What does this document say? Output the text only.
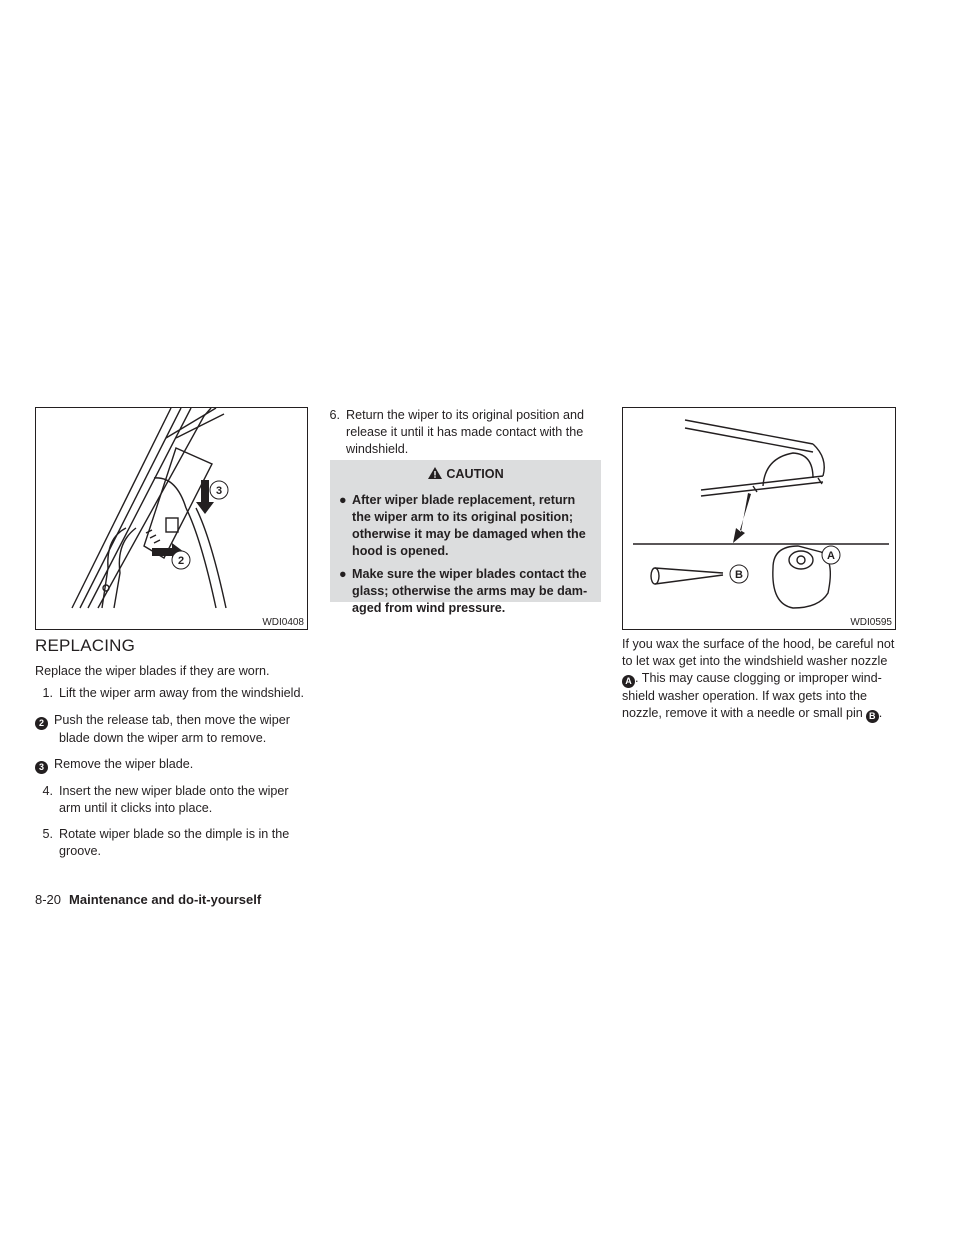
3
2
WDI0408
A
B
WDI0595
REPLACING
Replace the wiper blades if they are worn.
1. Lift the wiper arm away from the windshield.
2 Push the release tab, then move the wiper
blade down the wiper arm to remove.
3 Remove the wiper blade.
4. Insert the new wiper blade onto the wiper
arm until it clicks into place.
5. Rotate wiper blade so the dimple is in the
groove.
6. Return the wiper to its original position and
release it until it has made contact with the
windshield.
CAUTION
● After wiper blade replacement, return
the wiper arm to its original position;
otherwise it may be damaged when the
hood is opened.
● Make sure the wiper blades contact the
glass; otherwise the arms may be dam-
aged from wind pressure.
If you wax the surface of the hood, be careful not
to let wax get into the windshield washer nozzle
A . This may cause clogging or improper wind-
shield washer operation. If wax gets into the
nozzle, remove it with a needle or small pin B .
8-20 Maintenance and do-it-yourself
